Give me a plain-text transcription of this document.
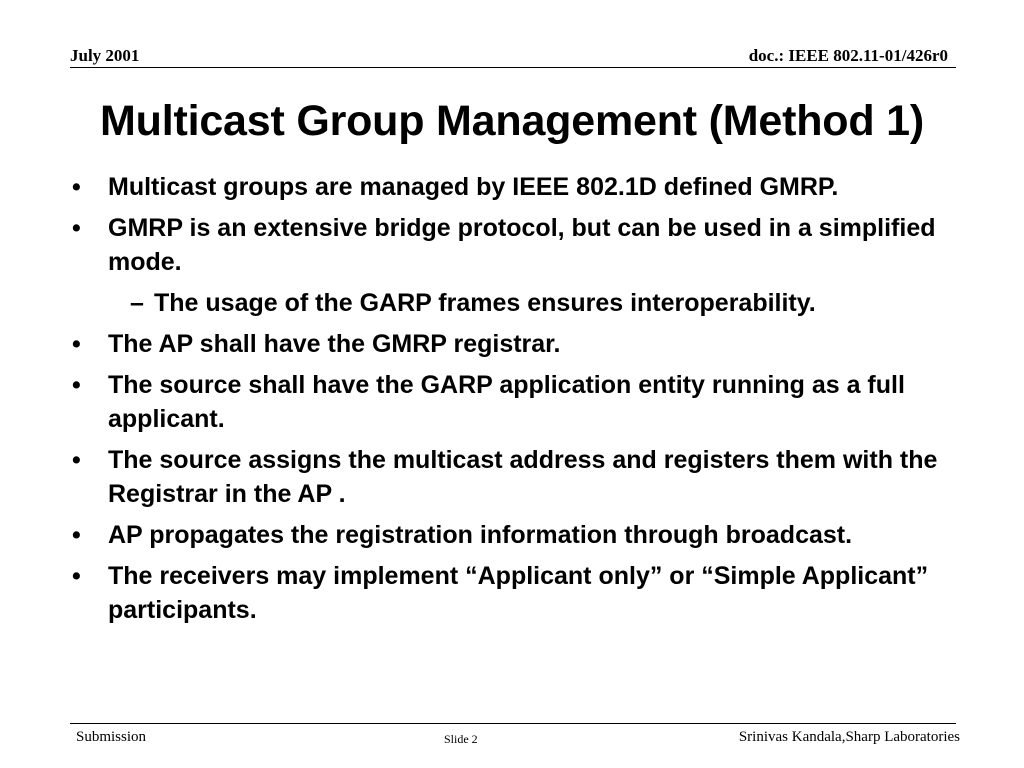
July 2001	doc.: IEEE 802.11-01/426r0
Multicast Group Management (Method 1)
• Multicast groups are managed by IEEE 802.1D defined GMRP.
• GMRP is an extensive bridge protocol, but can be used in a simplified mode.
– The usage of the GARP frames ensures interoperability.
• The AP shall have the GMRP registrar.
• The source shall have the GARP application entity running as a full applicant.
• The source assigns the multicast address and registers them with the Registrar in the AP .
• AP propagates the registration information through broadcast.
• The receivers may implement “Applicant only” or “Simple Applicant” participants.
Submission	Slide 2	Srinivas Kandala,Sharp Laboratories
